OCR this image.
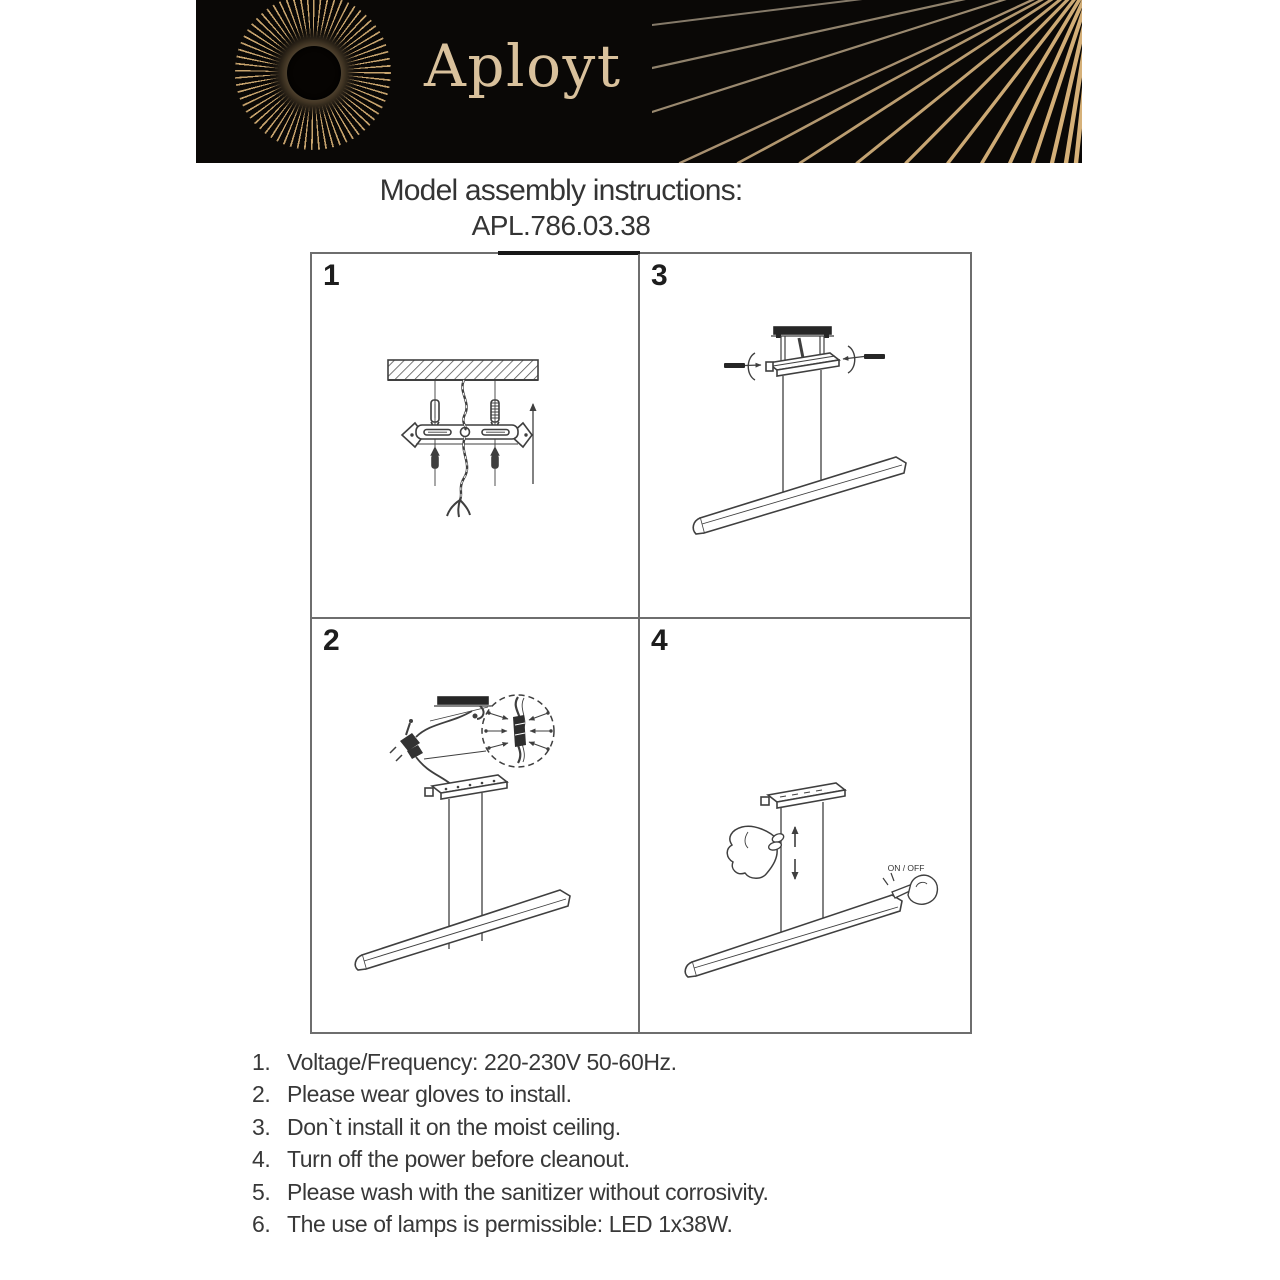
Aployt
Model assembly instructions:
APL.786.03.38
1	3
2	4
ON / OFF
1. Voltage/Frequency: 220-230V 50-60Hz.
2. Please wear gloves to install.
3. Don`t install it on the moist ceiling.
4. Turn off the power before cleanout.
5. Please wash with the sanitizer without corrosivity.
6. The use of lamps is permissible: LED 1x38W.
